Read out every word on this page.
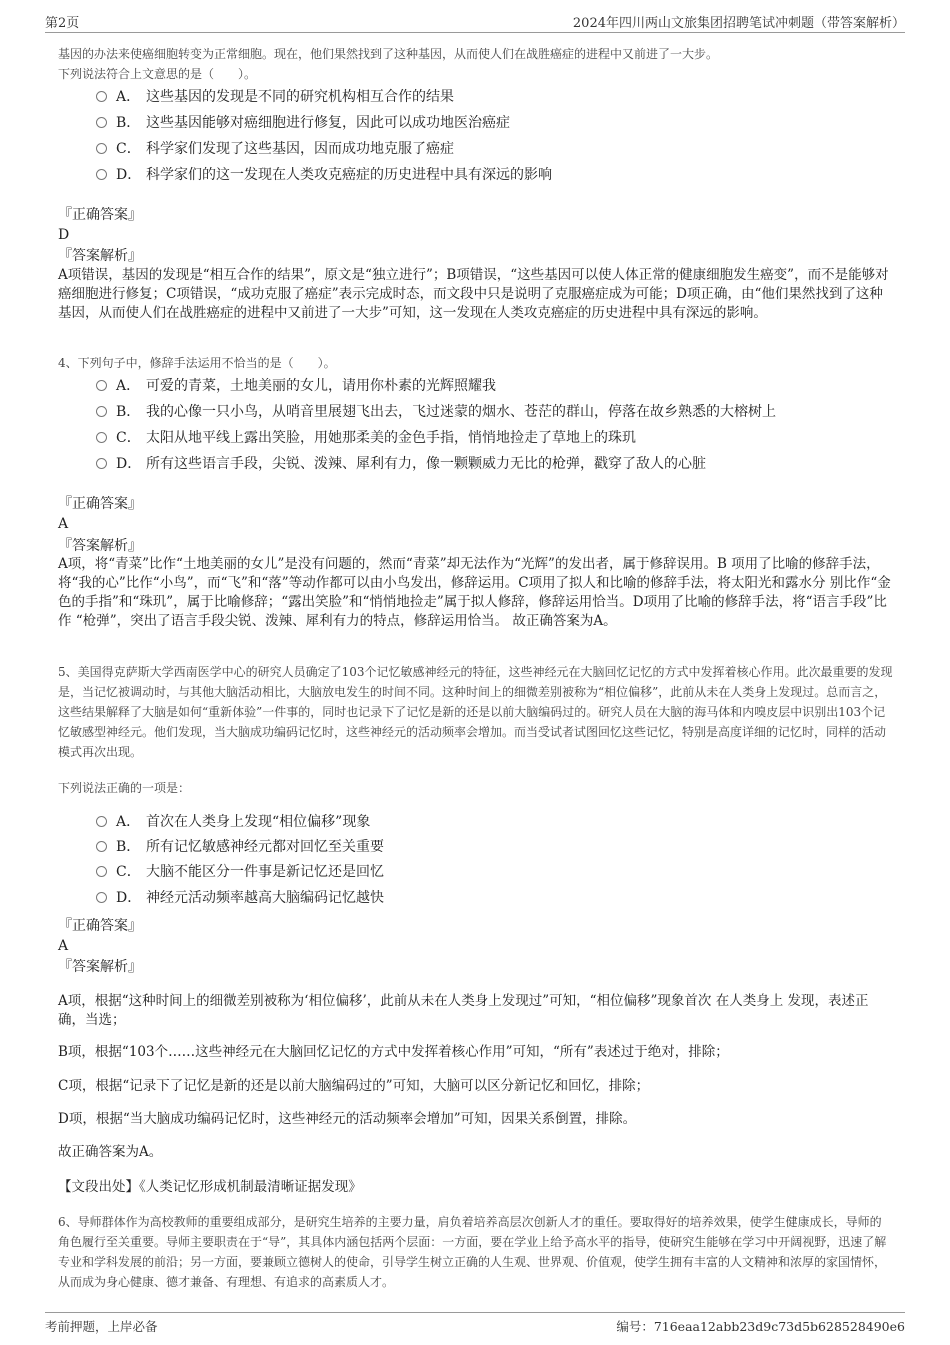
第2页	2024年四川两山文旅集团招聘笔试冲刺题（带答案解析）
基因的办法来使癌细胞转变为正常细胞。现在，他们果然找到了这种基因，从而使人们在战胜癌症的进程中又前进了一大步。
下列说法符合上文意思的是（　　）。
A． 这些基因的发现是不同的研究机构相互合作的结果
B． 这些基因能够对癌细胞进行修复，因此可以成功地医治癌症
C． 科学家们发现了这些基因，因而成功地克服了癌症
D． 科学家们的这一发现在人类攻克癌症的历史进程中具有深远的影响
『正确答案』
D
『答案解析』
A项错误，基因的发现是“相互合作的结果”，原文是“独立进行”；B项错误，“这些基因可以使人体正常的健康细胞发生癌变”，而不是能够对癌细胞进行修复；C项错误，“成功克服了癌症”表示完成时态，而文段中只是说明了克服癌症成为可能；D项正确，由“他们果然找到了这种基因，从而使人们在战胜癌症的进程中又前进了一大步”可知，这一发现在人类攻克癌症的历史进程中具有深远的影响。
4、下列句子中，修辞手法运用不恰当的是（　　）。
A． 可爱的青菜，土地美丽的女儿，请用你朴素的光辉照耀我
B． 我的心像一只小鸟，从哨音里展翅飞出去，飞过迷蒙的烟水、苍茫的群山，停落在故乡熟悉的大榕树上
C． 太阳从地平线上露出笑脸，用她那柔美的金色手指，悄悄地捡走了草地上的珠玑
D． 所有这些语言手段，尖锐、泼辣、犀利有力，像一颗颗威力无比的枪弹，戳穿了敌人的心脏
『正确答案』
A
『答案解析』
A项，将“青菜”比作“土地美丽的女儿”是没有问题的，然而“青菜”却无法作为“光辉”的发出者，属于修辞误用。B 项用了比喻的修辞手法，将“我的心”比作“小鸟”，而“飞”和“落”等动作都可以由小鸟发出，修辞运用。C项用了拟人和比喻的修辞手法，将太阳光和露水分 别比作“金色的手指”和“珠玑”，属于比喻修辞；“露出笑脸”和“悄悄地捡走”属于拟人修辞，修辞运用恰当。D项用了比喻的修辞手法，将“语言手段”比作 “枪弹”，突出了语言手段尖锐、泼辣、犀利有力的特点，修辞运用恰当。 故正确答案为A。
5、美国得克萨斯大学西南医学中心的研究人员确定了103个记忆敏感神经元的特征，这些神经元在大脑回忆记忆的方式中发挥着核心作用。此次最重要的发现是，当记忆被调动时，与其他大脑活动相比，大脑放电发生的时间不同。这种时间上的细微差别被称为“相位偏移”，此前从未在人类身上发现过。总而言之，这些结果解释了大脑是如何“重新体验”一件事的，同时也记录下了记忆是新的还是以前大脑编码过的。研究人员在大脑的海马体和内嗅皮层中识别出103个记忆敏感型神经元。他们发现，当大脑成功编码记忆时，这些神经元的活动频率会增加。而当受试者试图回忆这些记忆，特别是高度详细的记忆时，同样的活动模式再次出现。
下列说法正确的一项是：
A． 首次在人类身上发现“相位偏移”现象
B． 所有记忆敏感神经元都对回忆至关重要
C． 大脑不能区分一件事是新记忆还是回忆
D． 神经元活动频率越高大脑编码记忆越快
『正确答案』
A
『答案解析』
A项，根据“这种时间上的细微差别被称为‘相位偏移’，此前从未在人类身上发现过”可知，“相位偏移”现象首次 在人类身上 发现，表述正确，当选；
B项，根据“103个……这些神经元在大脑回忆记忆的方式中发挥着核心作用”可知，“所有”表述过于绝对，排除；
C项，根据“记录下了记忆是新的还是以前大脑编码过的”可知，大脑可以区分新记忆和回忆，排除；
D项，根据“当大脑成功编码记忆时，这些神经元的活动频率会增加”可知，因果关系倒置，排除。
故正确答案为A。
【文段出处】《人类记忆形成机制最清晰证据发现》
6、导师群体作为高校教师的重要组成部分，是研究生培养的主要力量，肩负着培养高层次创新人才的重任。要取得好的培养效果，使学生健康成长，导师的角色履行至关重要。导师主要职责在于“导”，其具体内涵包括两个层面：一方面，要在学业上给予高水平的指导，使研究生能够在学习中开阔视野，迅速了解专业和学科发展的前沿；另一方面，要兼顾立德树人的使命，引导学生树立正确的人生观、世界观、价值观，使学生拥有丰富的人文精神和浓厚的家国情怀，从而成为身心健康、德才兼备、有理想、有追求的高素质人才。
考前押题，上岸必备	编号：716eaa12abb23d9c73d5b628528490e6
